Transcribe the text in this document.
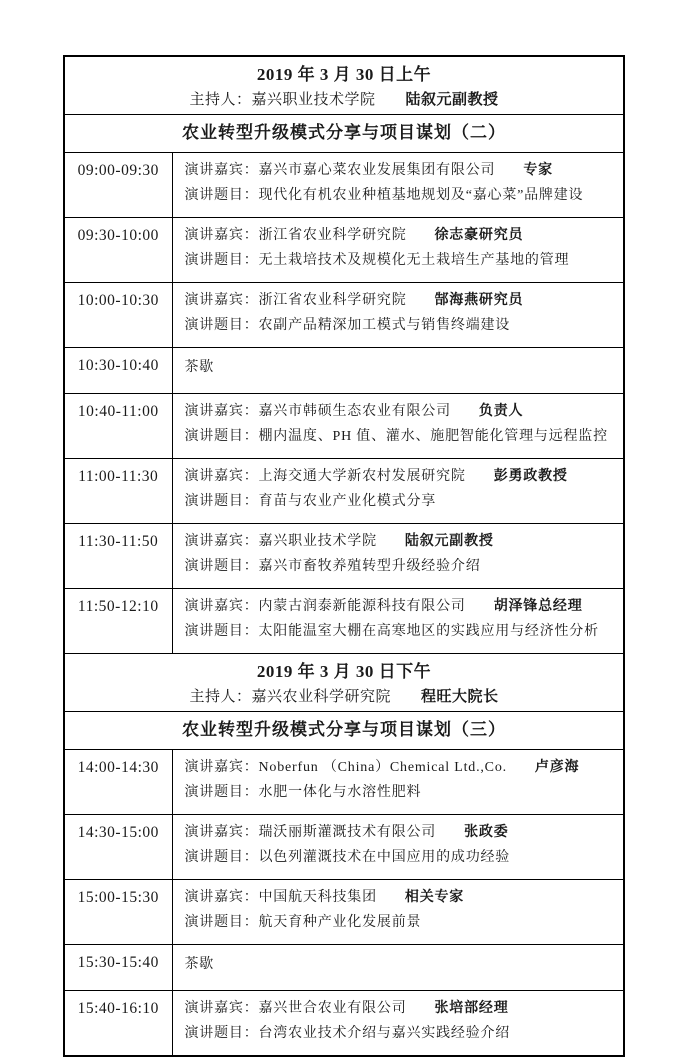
2019 年 3 月 30 日上午
主持人：嘉兴职业技术学院 陆叙元副教授	

农业转型升级模式分享与项目谋划（二）	

09:00-09:30	演讲嘉宾：嘉兴市嘉心菜农业发展集团有限公司 专家
演讲题目：现代化有机农业种植基地规划及“嘉心菜”品牌建设

09:30-10:00	演讲嘉宾：浙江省农业科学研究院 徐志豪研究员
演讲题目：无土栽培技术及规模化无土栽培生产基地的管理

10:00-10:30	演讲嘉宾：浙江省农业科学研究院 郜海燕研究员
演讲题目：农副产品精深加工模式与销售终端建设

10:30-10:40	茶歇

10:40-11:00	演讲嘉宾：嘉兴市韩硕生态农业有限公司 负责人
演讲题目：棚内温度、PH 值、灌水、施肥智能化管理与远程监控

11:00-11:30	演讲嘉宾：上海交通大学新农村发展研究院 彭勇政教授
演讲题目：育苗与农业产业化模式分享

11:30-11:50	演讲嘉宾：嘉兴职业技术学院 陆叙元副教授
演讲题目：嘉兴市畜牧养殖转型升级经验介绍

11:50-12:10	演讲嘉宾：内蒙古润泰新能源科技有限公司 胡泽锋总经理
演讲题目：太阳能温室大棚在高寒地区的实践应用与经济性分析

2019 年 3 月 30 日下午
主持人：嘉兴农业科学研究院 程旺大院长	

农业转型升级模式分享与项目谋划（三）	

14:00-14:30	演讲嘉宾：Noberfun （China）Chemical Ltd.,Co. 卢彦海
演讲题目：水肥一体化与水溶性肥料

14:30-15:00	演讲嘉宾：瑞沃丽斯灌溉技术有限公司 张政委
演讲题目：以色列灌溉技术在中国应用的成功经验

15:00-15:30	演讲嘉宾：中国航天科技集团 相关专家
演讲题目：航天育种产业化发展前景

15:30-15:40	茶歇

15:40-16:10	演讲嘉宾：嘉兴世合农业有限公司 张培部经理
演讲题目：台湾农业技术介绍与嘉兴实践经验介绍
